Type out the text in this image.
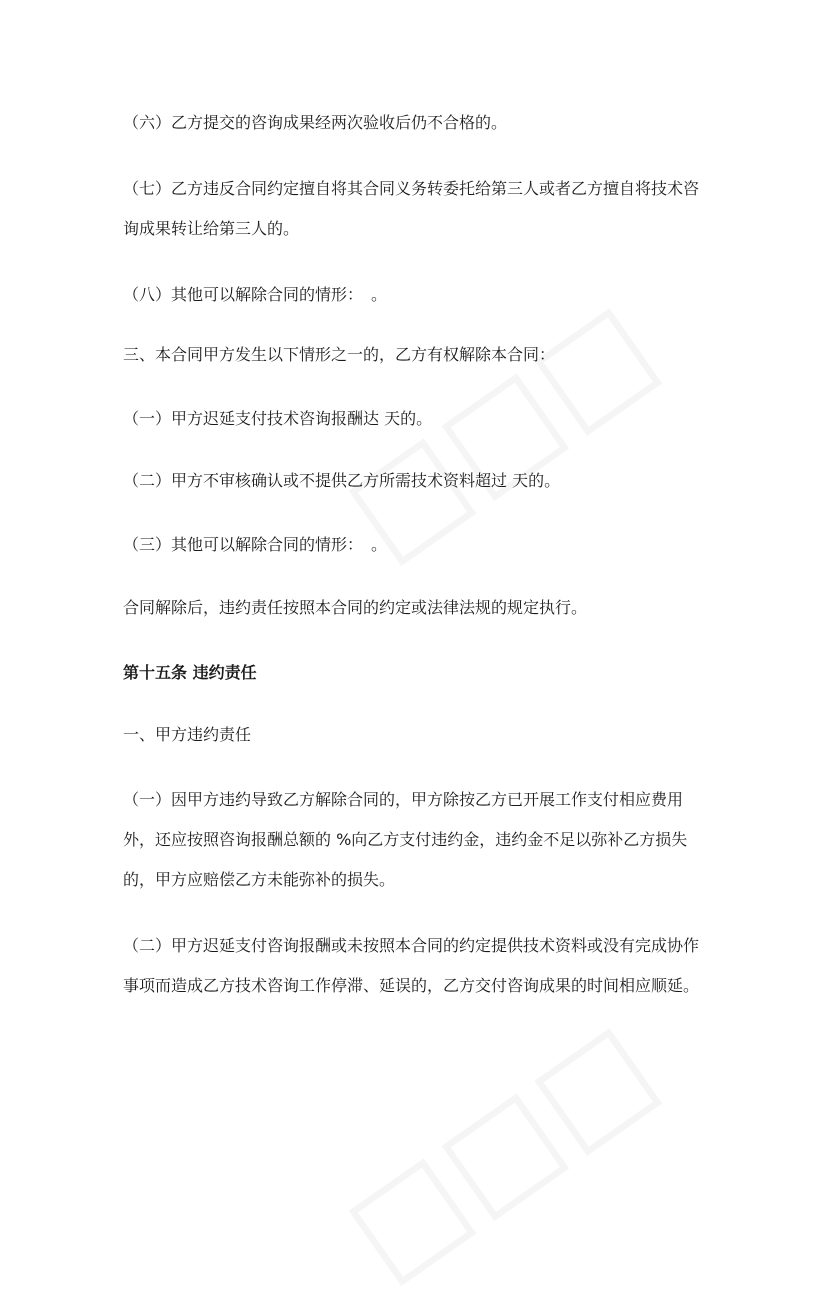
（六）乙方提交的咨询成果经两次验收后仍不合格的。

（七）乙方违反合同约定擅自将其合同义务转委托给第三人或者乙方擅自将技术咨询成果转让给第三人的。

（八）其他可以解除合同的情形：　。

三、本合同甲方发生以下情形之一的，乙方有权解除本合同：

（一）甲方迟延支付技术咨询报酬达 天的。

（二）甲方不审核确认或不提供乙方所需技术资料超过 天的。

（三）其他可以解除合同的情形：　。

合同解除后，违约责任按照本合同的约定或法律法规的规定执行。

第十五条 违约责任

一、甲方违约责任

（一）因甲方违约导致乙方解除合同的，甲方除按乙方已开展工作支付相应费用外，还应按照咨询报酬总额的 %向乙方支付违约金，违约金不足以弥补乙方损失的，甲方应赔偿乙方未能弥补的损失。

（二）甲方迟延支付咨询报酬或未按照本合同的约定提供技术资料或没有完成协作事项而造成乙方技术咨询工作停滞、延误的，乙方交付咨询成果的时间相应顺延。
